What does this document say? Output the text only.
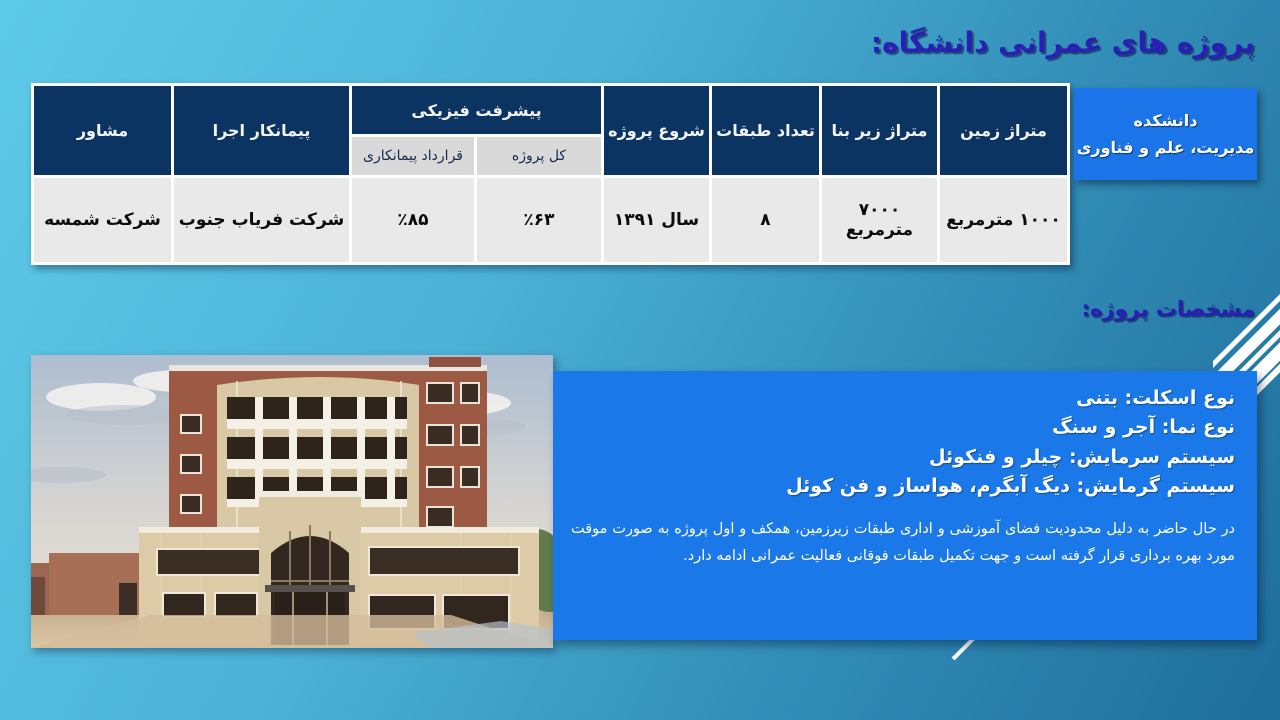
پروژه های عمرانی دانشگاه:
دانشکده
مدیریت، علم و فناوری
متراژ زمین	متراژ زیر بنا	تعداد طبقات	شروع پروژه	پیشرفت فیزیکی		پیمانکار اجرا	مشاور
				کل پروژه	قرارداد پیمانکاری		
۱۰۰۰ مترمربع	۷۰۰۰ مترمربع	۸	سال ۱۳۹۱	٪۶۳	٪۸۵	شرکت فریاب جنوب	شرکت شمسه
مشخصات پروژه:
نوع اسکلت: بتنی
نوع نما: آجر و سنگ
سیستم سرمایش: چیلر و فنکوئل
سیستم گرمایش: دیگ آبگرم، هواساز و فن کوئل
در حال حاضر به دلیل محدودیت فضای آموزشی و اداری طبقات زیرزمین، همکف و اول پروژه به صورت موقت مورد بهره برداری قرار گرفته است و جهت تکمیل طبقات فوقانی فعالیت عمرانی ادامه دارد.
